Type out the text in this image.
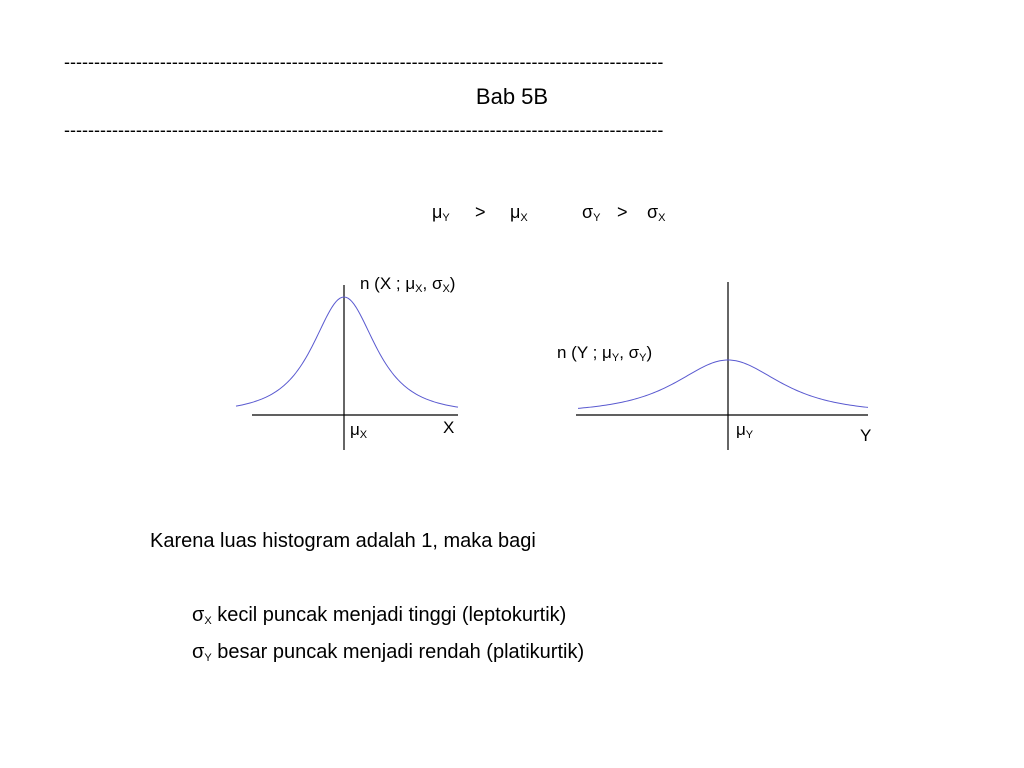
----------------------------------------------------------------------------------------------------
Bab 5B
----------------------------------------------------------------------------------------------------
$\mu_Y > \mu_X$	$\sigma_Y > \sigma_X$
n (X ; $\mu_X$, $\sigma_X$)
$\mu_X$	X
n (Y ; $\mu_Y$, $\sigma_Y$)
$\mu_Y$	Y
Karena luas histogram adalah 1, maka bagi
$\sigma_X$ kecil puncak menjadi tinggi (leptokurtik)
$\sigma_Y$ besar puncak menjadi rendah (platikurtik)
